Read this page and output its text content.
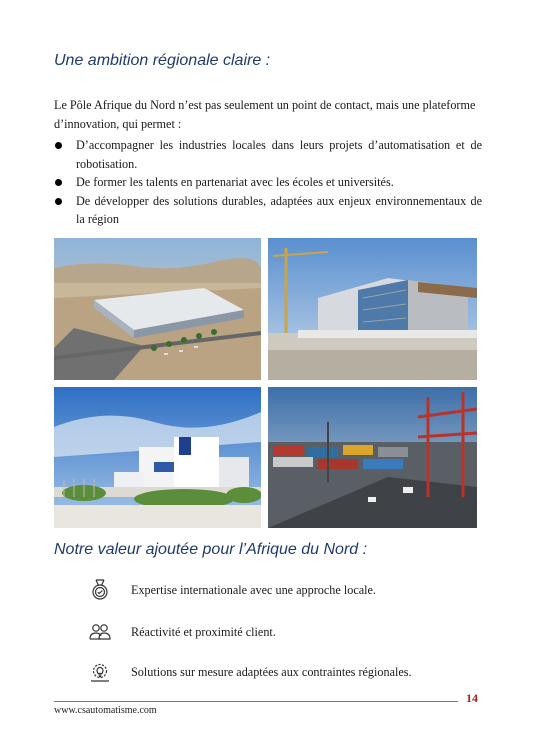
Une ambition régionale claire :

Le Pôle Afrique du Nord n’est pas seulement un point de contact, mais une plateforme d’innovation, qui permet :

D’accompagner les industries locales dans leurs projets d’automatisation et de robotisation.
De former les talents en partenariat avec les écoles et universités.
De développer des solutions durables, adaptées aux enjeux environnementaux de la région
Notre valeur ajoutée pour l’Afrique du Nord :
Expertise internationale avec une approche locale.
Réactivité et proximité client.
Solutions sur mesure adaptées aux contraintes régionales.
14
www.csautomatisme.com
